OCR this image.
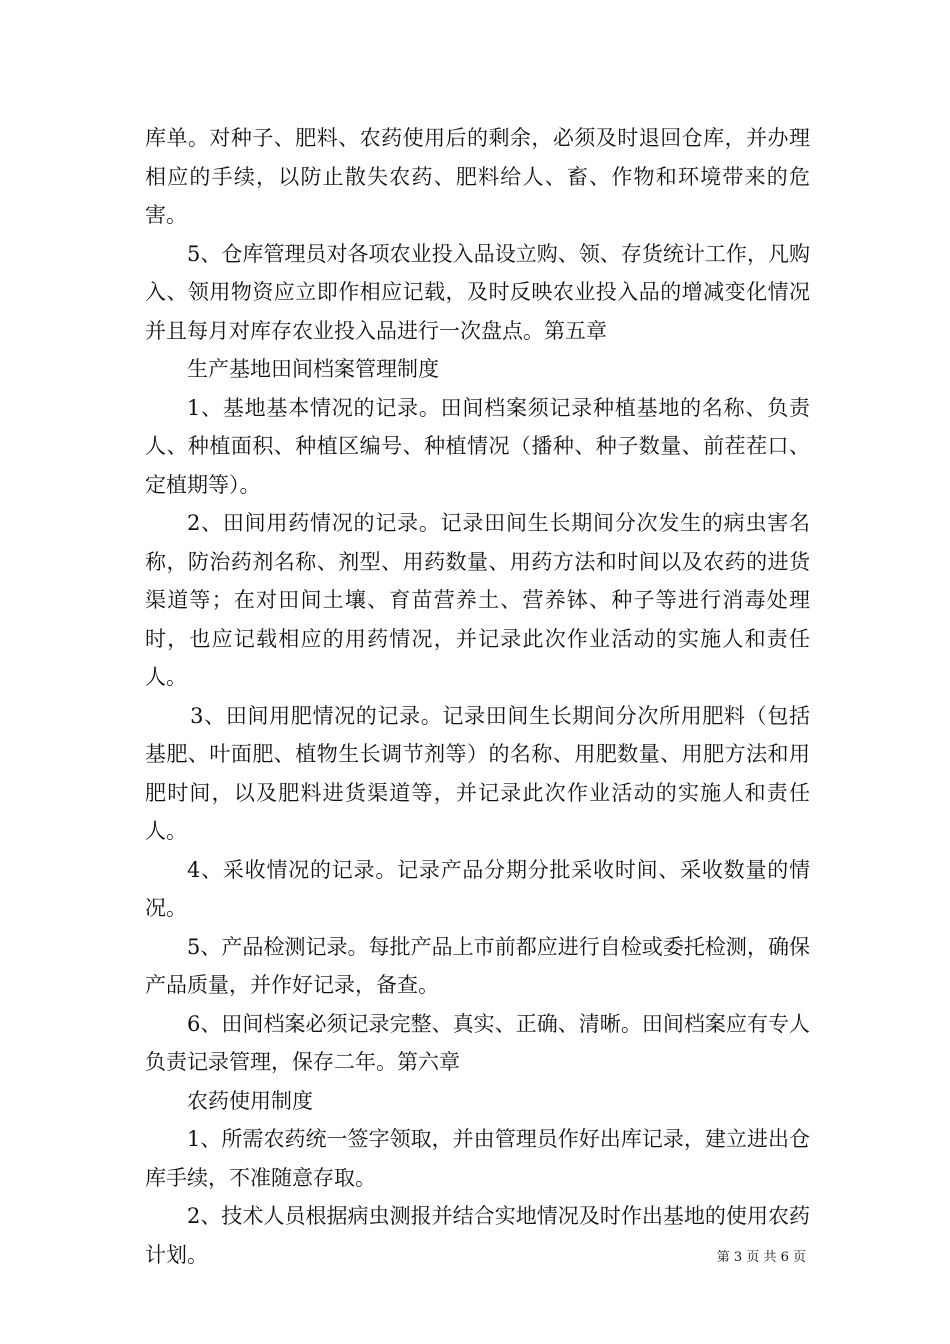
库单。对种子、肥料、农药使用后的剩余，必须及时退回仓库，并办理相应的手续，以防止散失农药、肥料给人、畜、作物和环境带来的危害。

5、仓库管理员对各项农业投入品设立购、领、存货统计工作，凡购入、领用物资应立即作相应记载，及时反映农业投入品的增减变化情况并且每月对库存农业投入品进行一次盘点。第五章

生产基地田间档案管理制度

1、基地基本情况的记录。田间档案须记录种植基地的名称、负责人、种植面积、种植区编号、种植情况（播种、种子数量、前茬茬口、定植期等）。

2、田间用药情况的记录。记录田间生长期间分次发生的病虫害名称，防治药剂名称、剂型、用药数量、用药方法和时间以及农药的进货渠道等；在对田间土壤、育苗营养土、营养钵、种子等进行消毒处理时，也应记载相应的用药情况，并记录此次作业活动的实施人和责任人。

3、田间用肥情况的记录。记录田间生长期间分次所用肥料（包括基肥、叶面肥、植物生长调节剂等）的名称、用肥数量、用肥方法和用肥时间，以及肥料进货渠道等，并记录此次作业活动的实施人和责任人。

4、采收情况的记录。记录产品分期分批采收时间、采收数量的情况。

5、产品检测记录。每批产品上市前都应进行自检或委托检测，确保产品质量，并作好记录，备查。

6、田间档案必须记录完整、真实、正确、清晰。田间档案应有专人负责记录管理，保存二年。第六章

农药使用制度

1、所需农药统一签字领取，并由管理员作好出库记录，建立进出仓库手续，不准随意存取。

2、技术人员根据病虫测报并结合实地情况及时作出基地的使用农药计划。	第 3 页 共 6 页
